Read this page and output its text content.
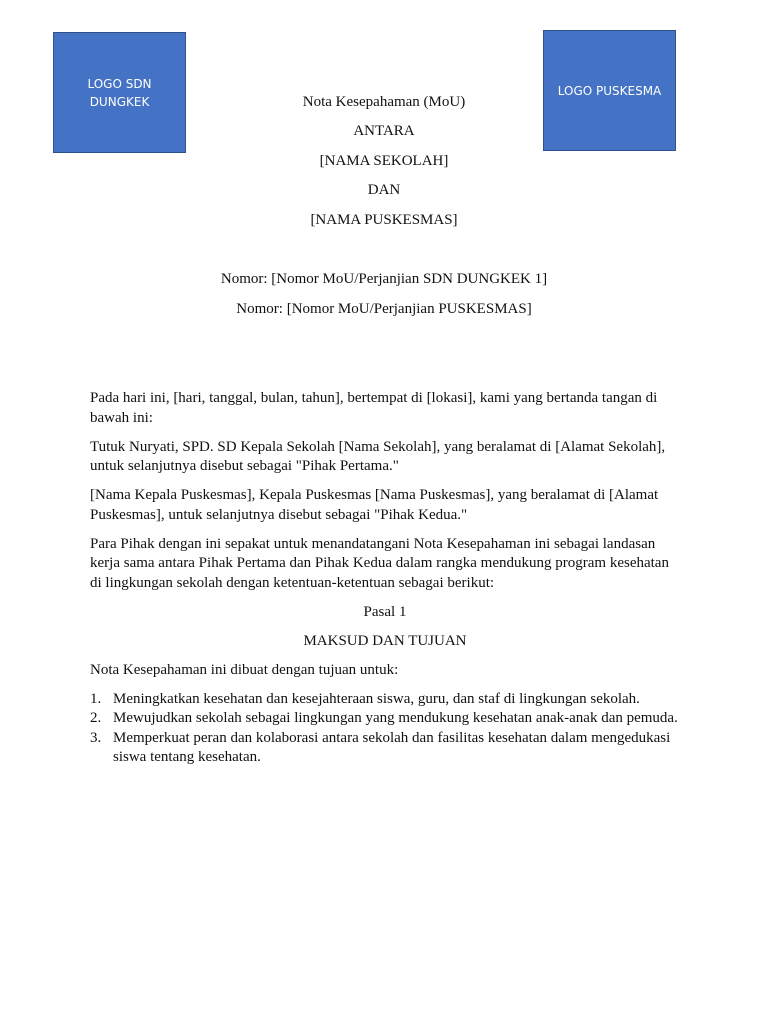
LOGO SDN DUNGKEK
LOGO PUSKESMA
Nota Kesepahaman (MoU)
ANTARA
[NAMA SEKOLAH]
DAN
[NAMA PUSKESMAS]
Nomor: [Nomor MoU/Perjanjian SDN DUNGKEK 1]
Nomor: [Nomor MoU/Perjanjian PUSKESMAS]

Pada hari ini, [hari, tanggal, bulan, tahun], bertempat di [lokasi], kami yang bertanda tangan di bawah ini:

Tutuk Nuryati, SPD. SD Kepala Sekolah [Nama Sekolah], yang beralamat di [Alamat Sekolah], untuk selanjutnya disebut sebagai "Pihak Pertama."

[Nama Kepala Puskesmas], Kepala Puskesmas [Nama Puskesmas], yang beralamat di [Alamat Puskesmas], untuk selanjutnya disebut sebagai "Pihak Kedua."

Para Pihak dengan ini sepakat untuk menandatangani Nota Kesepahaman ini sebagai landasan kerja sama antara Pihak Pertama dan Pihak Kedua dalam rangka mendukung program kesehatan di lingkungan sekolah dengan ketentuan-ketentuan sebagai berikut:

Pasal 1

MAKSUD DAN TUJUAN

Nota Kesepahaman ini dibuat dengan tujuan untuk:

1. Meningkatkan kesehatan dan kesejahteraan siswa, guru, dan staf di lingkungan sekolah.
2. Mewujudkan sekolah sebagai lingkungan yang mendukung kesehatan anak-anak dan pemuda.
3. Memperkuat peran dan kolaborasi antara sekolah dan fasilitas kesehatan dalam mengedukasi siswa tentang kesehatan.
